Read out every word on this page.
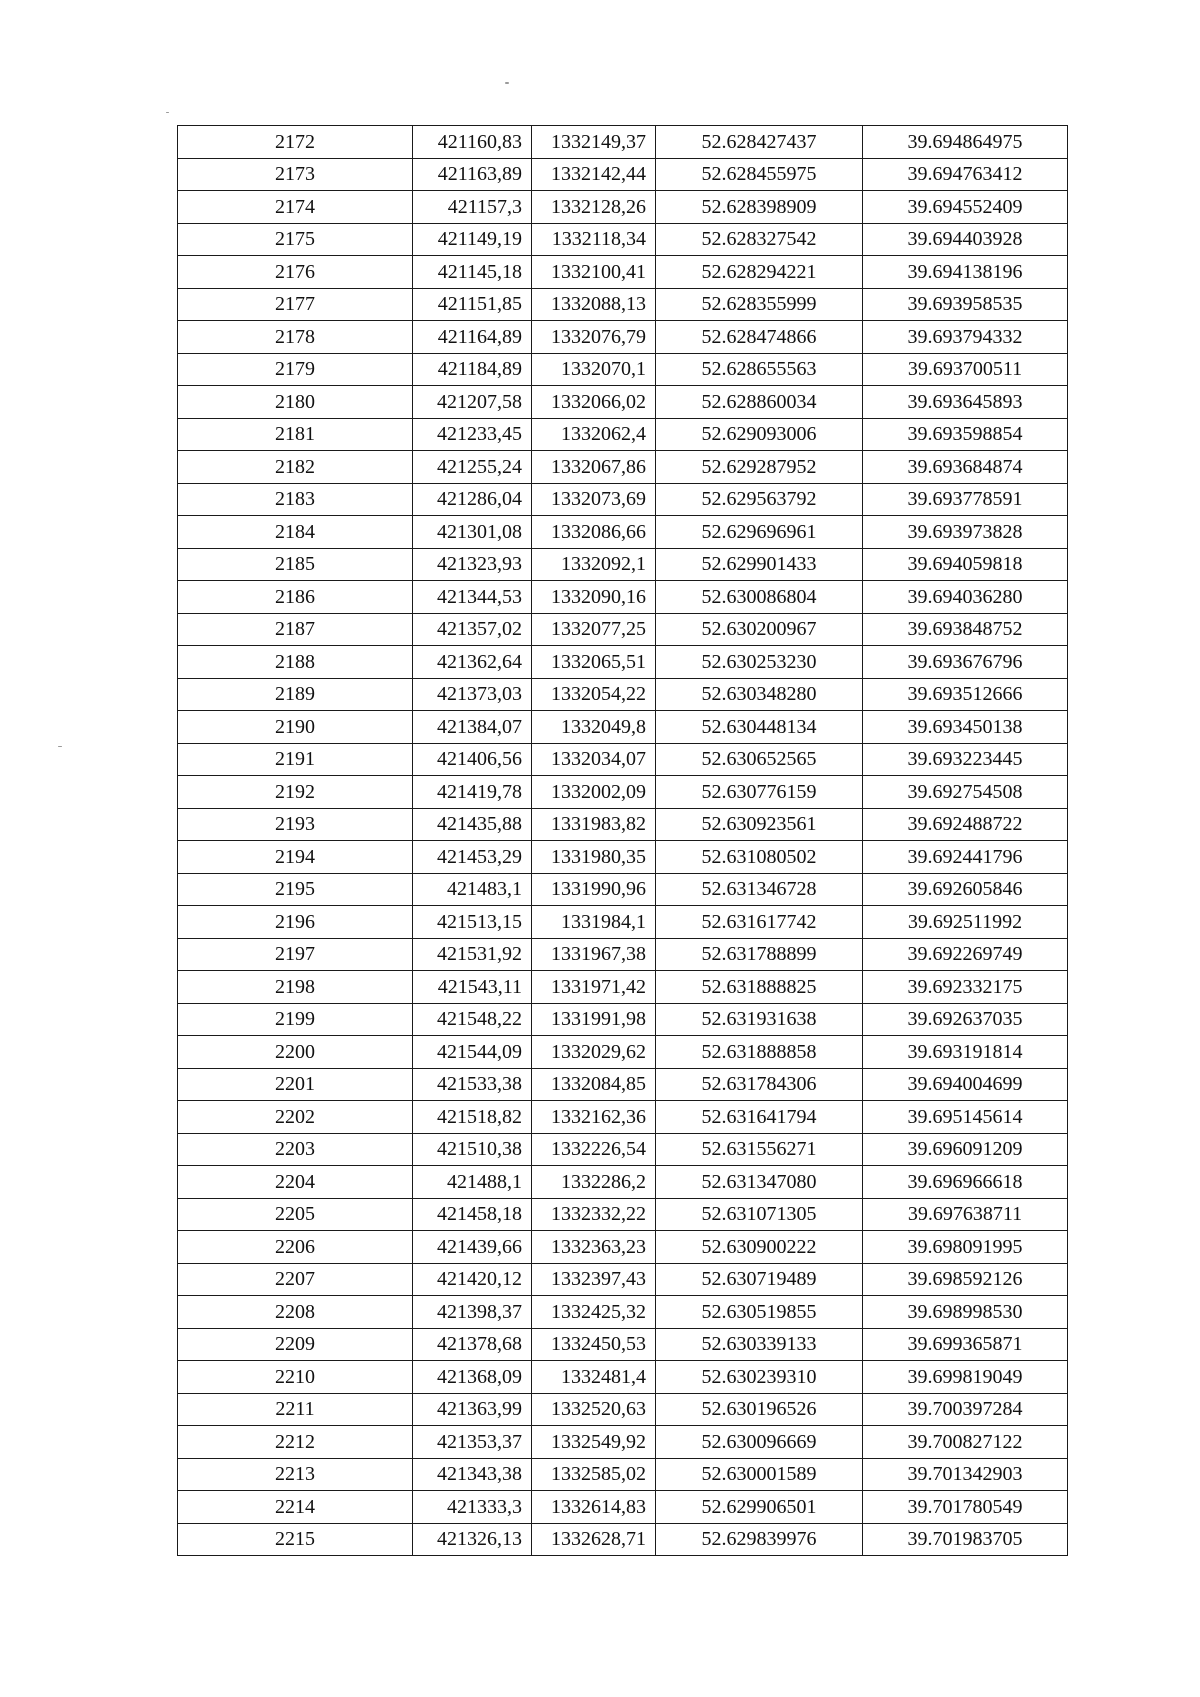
2172	421160,83	1332149,37	52.628427437	39.694864975
2173	421163,89	1332142,44	52.628455975	39.694763412
2174	421157,3	1332128,26	52.628398909	39.694552409
2175	421149,19	1332118,34	52.628327542	39.694403928
2176	421145,18	1332100,41	52.628294221	39.694138196
2177	421151,85	1332088,13	52.628355999	39.693958535
2178	421164,89	1332076,79	52.628474866	39.693794332
2179	421184,89	1332070,1	52.628655563	39.693700511
2180	421207,58	1332066,02	52.628860034	39.693645893
2181	421233,45	1332062,4	52.629093006	39.693598854
2182	421255,24	1332067,86	52.629287952	39.693684874
2183	421286,04	1332073,69	52.629563792	39.693778591
2184	421301,08	1332086,66	52.629696961	39.693973828
2185	421323,93	1332092,1	52.629901433	39.694059818
2186	421344,53	1332090,16	52.630086804	39.694036280
2187	421357,02	1332077,25	52.630200967	39.693848752
2188	421362,64	1332065,51	52.630253230	39.693676796
2189	421373,03	1332054,22	52.630348280	39.693512666
2190	421384,07	1332049,8	52.630448134	39.693450138
2191	421406,56	1332034,07	52.630652565	39.693223445
2192	421419,78	1332002,09	52.630776159	39.692754508
2193	421435,88	1331983,82	52.630923561	39.692488722
2194	421453,29	1331980,35	52.631080502	39.692441796
2195	421483,1	1331990,96	52.631346728	39.692605846
2196	421513,15	1331984,1	52.631617742	39.692511992
2197	421531,92	1331967,38	52.631788899	39.692269749
2198	421543,11	1331971,42	52.631888825	39.692332175
2199	421548,22	1331991,98	52.631931638	39.692637035
2200	421544,09	1332029,62	52.631888858	39.693191814
2201	421533,38	1332084,85	52.631784306	39.694004699
2202	421518,82	1332162,36	52.631641794	39.695145614
2203	421510,38	1332226,54	52.631556271	39.696091209
2204	421488,1	1332286,2	52.631347080	39.696966618
2205	421458,18	1332332,22	52.631071305	39.697638711
2206	421439,66	1332363,23	52.630900222	39.698091995
2207	421420,12	1332397,43	52.630719489	39.698592126
2208	421398,37	1332425,32	52.630519855	39.698998530
2209	421378,68	1332450,53	52.630339133	39.699365871
2210	421368,09	1332481,4	52.630239310	39.699819049
2211	421363,99	1332520,63	52.630196526	39.700397284
2212	421353,37	1332549,92	52.630096669	39.700827122
2213	421343,38	1332585,02	52.630001589	39.701342903
2214	421333,3	1332614,83	52.629906501	39.701780549
2215	421326,13	1332628,71	52.629839976	39.701983705
